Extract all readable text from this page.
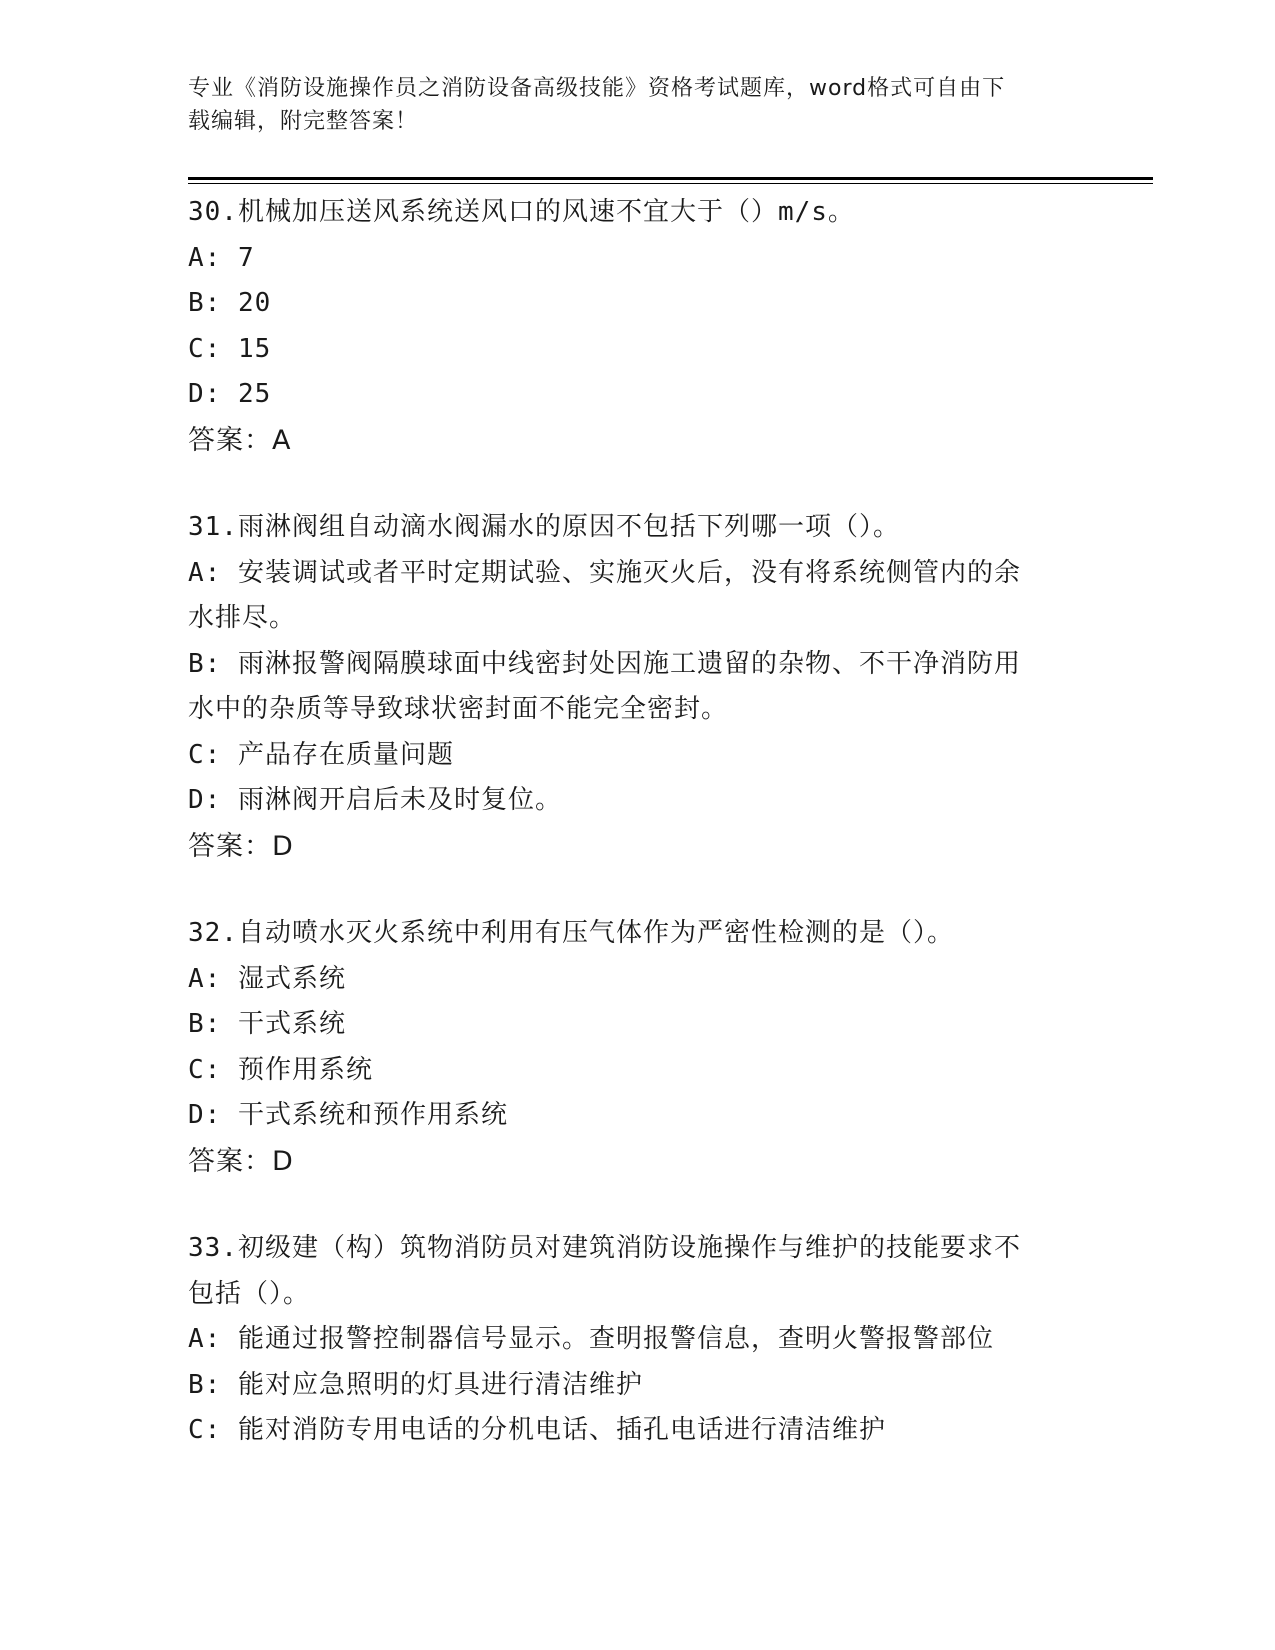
专业《消防设施操作员之消防设备高级技能》资格考试题库，word格式可自由下
载编辑，附完整答案！
30.机械加压送风系统送风口的风速不宜大于（）m/s。
A: 7
B: 20
C: 15
D: 25
答案：A
31.雨淋阀组自动滴水阀漏水的原因不包括下列哪一项（）。
A: 安装调试或者平时定期试验、实施灭火后，没有将系统侧管内的余
水排尽。
B: 雨淋报警阀隔膜球面中线密封处因施工遗留的杂物、不干净消防用
水中的杂质等导致球状密封面不能完全密封。
C: 产品存在质量问题
D: 雨淋阀开启后未及时复位。
答案：D
32.自动喷水灭火系统中利用有压气体作为严密性检测的是（）。
A: 湿式系统
B: 干式系统
C: 预作用系统
D: 干式系统和预作用系统
答案：D
33.初级建（构）筑物消防员对建筑消防设施操作与维护的技能要求不
包括（）。
A: 能通过报警控制器信号显示。查明报警信息，查明火警报警部位
B: 能对应急照明的灯具进行清洁维护
C: 能对消防专用电话的分机电话、插孔电话进行清洁维护
